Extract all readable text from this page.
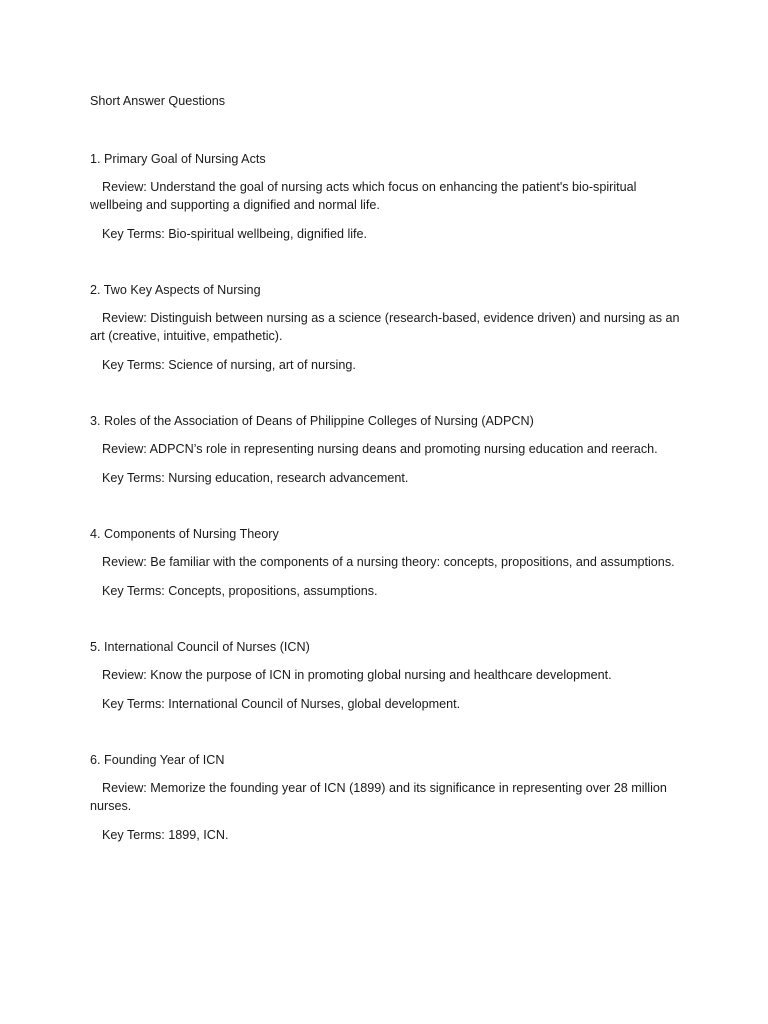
Short Answer Questions

1. Primary Goal of Nursing Acts

Review: Understand the goal of nursing acts which focus on enhancing the patient's bio-spiritual wellbeing and supporting a dignified and normal life.

Key Terms: Bio-spiritual wellbeing, dignified life.

2. Two Key Aspects of Nursing

Review: Distinguish between nursing as a science (research-based, evidence driven) and nursing as an art (creative, intuitive, empathetic).

Key Terms: Science of nursing, art of nursing.

3. Roles of the Association of Deans of Philippine Colleges of Nursing (ADPCN)

Review: ADPCN’s role in representing nursing deans and promoting nursing education and reerach.

Key Terms: Nursing education, research advancement.

4. Components of Nursing Theory

Review: Be familiar with the components of a nursing theory: concepts, propositions, and assumptions.

Key Terms: Concepts, propositions, assumptions.

5. International Council of Nurses (ICN)

Review: Know the purpose of ICN in promoting global nursing and healthcare development.

Key Terms: International Council of Nurses, global development.

6. Founding Year of ICN

Review: Memorize the founding year of ICN (1899) and its significance in representing over 28 million nurses.

Key Terms: 1899, ICN.
